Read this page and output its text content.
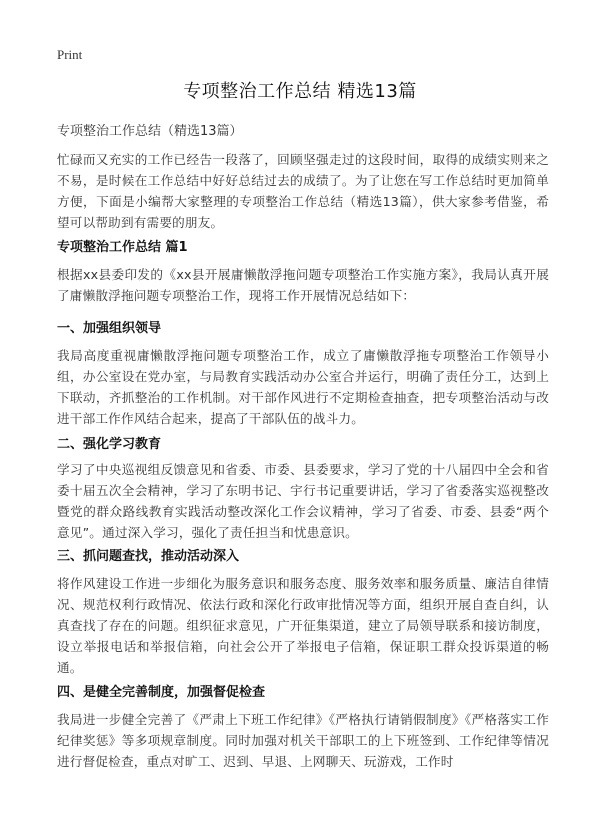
Print
专项整治工作总结 精选13篇
专项整治工作总结（精选13篇）
忙碌而又充实的工作已经告一段落了，回顾坚强走过的这段时间，取得的成绩实则来之不易，是时候在工作总结中好好总结过去的成绩了。为了让您在写工作总结时更加简单方便，下面是小编帮大家整理的专项整治工作总结（精选13篇），供大家参考借鉴，希望可以帮助到有需要的朋友。
专项整治工作总结 篇1
根据xx县委印发的《xx县开展庸懒散浮拖问题专项整治工作实施方案》，我局认真开展了庸懒散浮拖问题专项整治工作，现将工作开展情况总结如下：
一、加强组织领导
我局高度重视庸懒散浮拖问题专项整治工作，成立了庸懒散浮拖专项整治工作领导小组，办公室设在党办室，与局教育实践活动办公室合并运行，明确了责任分工，达到上下联动，齐抓整治的工作机制。对干部作风进行不定期检查抽查，把专项整治活动与改进干部工作作风结合起来，提高了干部队伍的战斗力。
二、强化学习教育
学习了中央巡视组反馈意见和省委、市委、县委要求，学习了党的十八届四中全会和省委十届五次全会精神，学习了东明书记、宇行书记重要讲话，学习了省委落实巡视整改暨党的群众路线教育实践活动整改深化工作会议精神，学习了省委、市委、县委“两个意见”。通过深入学习，强化了责任担当和忧患意识。
三、抓问题查找，推动活动深入
将作风建设工作进一步细化为服务意识和服务态度、服务效率和服务质量、廉洁自律情况、规范权利行政情况、依法行政和深化行政审批情况等方面，组织开展自查自纠，认真查找了存在的问题。组织征求意见，广开征集渠道，建立了局领导联系和接访制度，设立举报电话和举报信箱，向社会公开了举报电子信箱，保证职工群众投诉渠道的畅通。
四、是健全完善制度，加强督促检查
我局进一步健全完善了《严肃上下班工作纪律》《严格执行请销假制度》《严格落实工作纪律奖惩》等多项规章制度。同时加强对机关干部职工的上下班签到、工作纪律等情况进行督促检查，重点对旷工、迟到、早退、上网聊天、玩游戏，工作时
